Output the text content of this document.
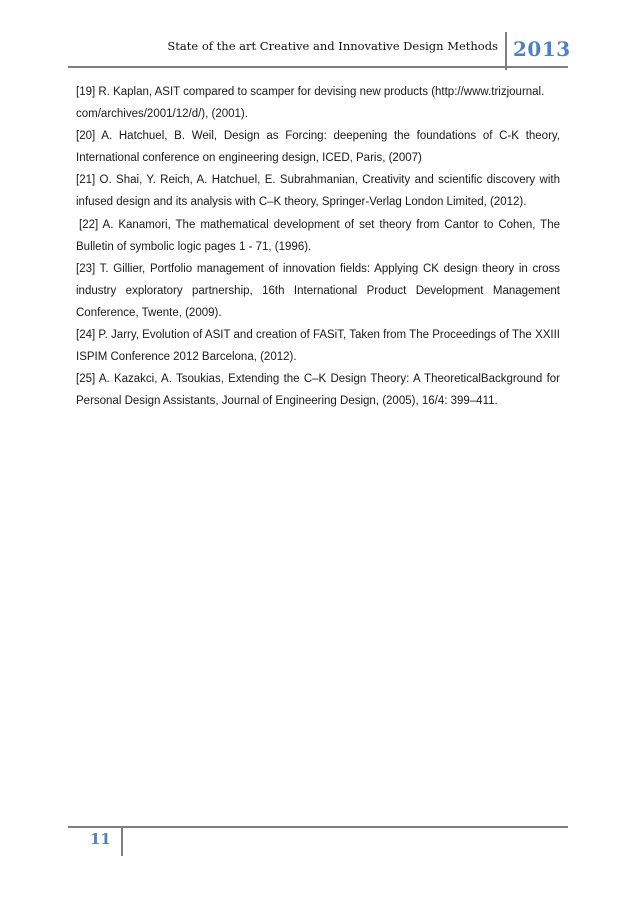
State of the art Creative and Innovative Design Methods 2013

[19] R. Kaplan, ASIT compared to scamper for devising new products (http://www.trizjournal.
com/archives/2001/12/d/), (2001).

[20] A. Hatchuel, B. Weil, Design as Forcing: deepening the foundations of C-K theory, International conference on engineering design, ICED, Paris, (2007)

[21] O. Shai, Y. Reich, A. Hatchuel, E. Subrahmanian, Creativity and scientific discovery with infused design and its analysis with C–K theory, Springer-Verlag London Limited, (2012).

[22] A. Kanamori, The mathematical development of set theory from Cantor to Cohen, The Bulletin of symbolic logic pages 1 - 71, (1996).

[23] T. Gillier, Portfolio management of innovation fields: Applying CK design theory in cross industry exploratory partnership, 16th International Product Development Management Conference, Twente, (2009).

[24] P. Jarry, Evolution of ASIT and creation of FASiT, Taken from The Proceedings of The XXIII ISPIM Conference 2012 Barcelona, (2012).

[25] A. Kazakci, A. Tsoukias, Extending the C–K Design Theory: A TheoreticalBackground for Personal Design Assistants, Journal of Engineering Design, (2005), 16/4: 399–411.

11
